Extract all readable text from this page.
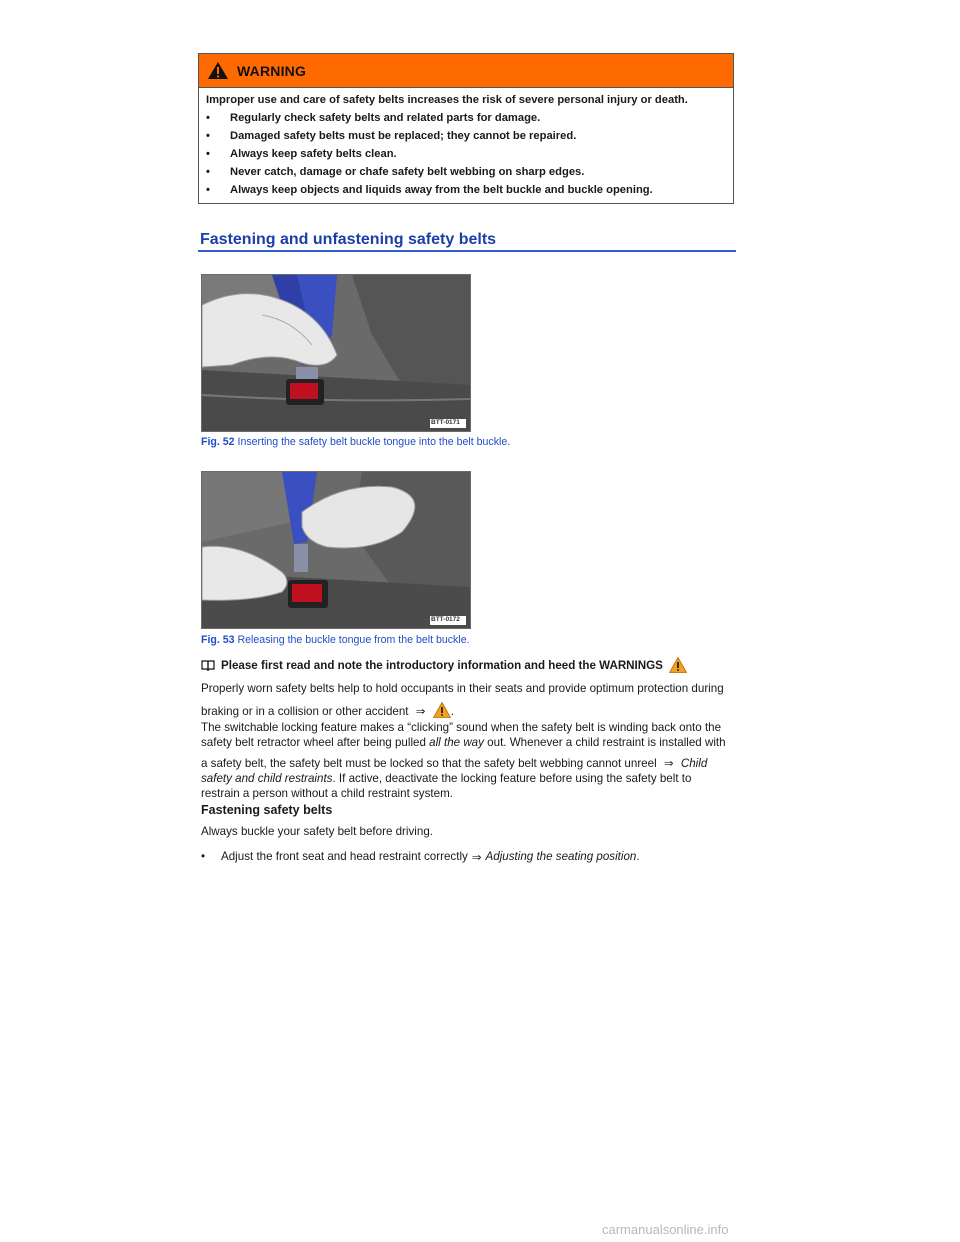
WARNING
Improper use and care of safety belts increases the risk of severe personal injury or death.
•	Regularly check safety belts and related parts for damage.
•	Damaged safety belts must be replaced; they cannot be repaired.
•	Always keep safety belts clean.
•	Never catch, damage or chafe safety belt webbing on sharp edges.
•	Always keep objects and liquids away from the belt buckle and buckle opening.
Fastening and unfastening safety belts
BTT-0171
Fig. 52 Inserting the safety belt buckle tongue into the belt buckle.
BTT-0172
Fig. 53 Releasing the buckle tongue from the belt buckle.
Please first read and note the introductory information and heed the WARNINGS
Properly worn safety belts help to hold occupants in their seats and provide optimum protection during
braking or in a collision or other accident ⇒ .
The switchable locking feature makes a “clicking” sound when the safety belt is winding back onto the
safety belt retractor wheel after being pulled all the way out. Whenever a child restraint is installed with
a safety belt, the safety belt must be locked so that the safety belt webbing cannot unreel ⇒ Child
safety and child restraints. If active, deactivate the locking feature before using the safety belt to
restrain a person without a child restraint system.
Fastening safety belts
Always buckle your safety belt before driving.
•	Adjust the front seat and head restraint correctly ⇒ Adjusting the seating position .
carmanualsonline.info
